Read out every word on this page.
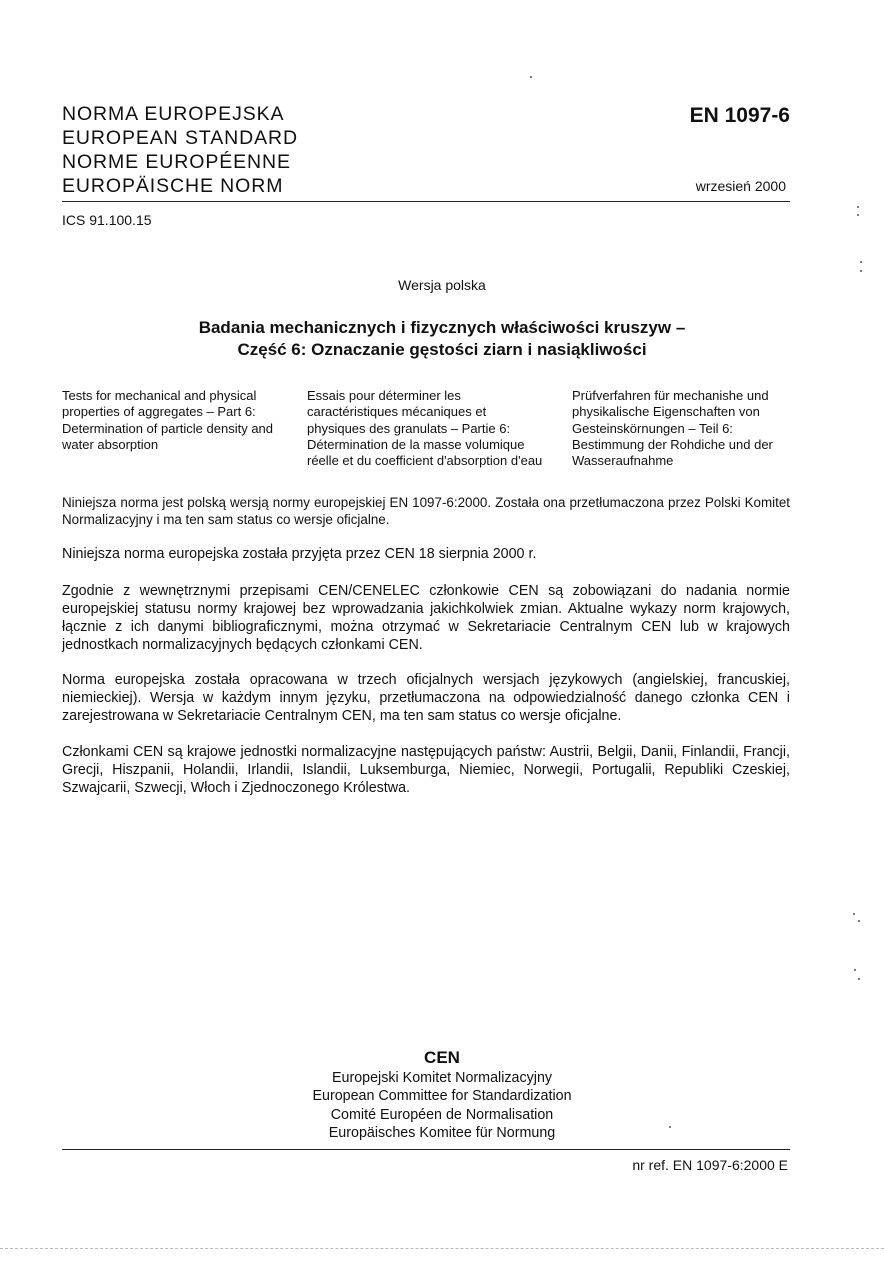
NORMA EUROPEJSKA
EUROPEAN STANDARD
NORME EUROPÉENNE
EUROPÄISCHE NORM
EN 1097-6
wrzesień 2000
ICS 91.100.15
Wersja polska
Badania mechanicznych i fizycznych właściwości kruszyw –
Część 6: Oznaczanie gęstości ziarn i nasiąkliwości
Tests for mechanical and physical properties of aggregates – Part 6: Determination of particle density and water absorption
Essais pour déterminer les caractéristiques mécaniques et physiques des granulats – Partie 6: Détermination de la masse volumique réelle et du coefficient d'absorption d'eau
Prüfverfahren für mechanishe und physikalische Eigenschaften von Gesteinskörnungen – Teil 6: Bestimmung der Rohdiche und der Wasseraufnahme
Niniejsza norma jest polską wersją normy europejskiej EN 1097-6:2000. Została ona przetłumaczona przez Polski Komitet Normalizacyjny i ma ten sam status co wersje oficjalne.
Niniejsza norma europejska została przyjęta przez CEN 18 sierpnia 2000 r.
Zgodnie z wewnętrznymi przepisami CEN/CENELEC członkowie CEN są zobowiązani do nadania normie europejskiej statusu normy krajowej bez wprowadzania jakichkolwiek zmian. Aktualne wykazy norm krajowych, łącznie z ich danymi bibliograficznymi, można otrzymać w Sekretariacie Centralnym CEN lub w krajowych jednostkach normalizacyjnych będących członkami CEN.
Norma europejska została opracowana w trzech oficjalnych wersjach językowych (angielskiej, francuskiej, niemieckiej). Wersja w każdym innym języku, przetłumaczona na odpowiedzialność danego członka CEN i zarejestrowana w Sekretariacie Centralnym CEN, ma ten sam status co wersje oficjalne.
Członkami CEN są krajowe jednostki normalizacyjne następujących państw: Austrii, Belgii, Danii, Finlandii, Francji, Grecji, Hiszpanii, Holandii, Irlandii, Islandii, Luksemburga, Niemiec, Norwegii, Portugalii, Republiki Czeskiej, Szwajcarii, Szwecji, Włoch i Zjednoczonego Królestwa.
CEN
Europejski Komitet Normalizacyjny
European Committee for Standardization
Comité Européen de Normalisation
Europäisches Komitee für Normung
nr ref. EN 1097-6:2000 E
